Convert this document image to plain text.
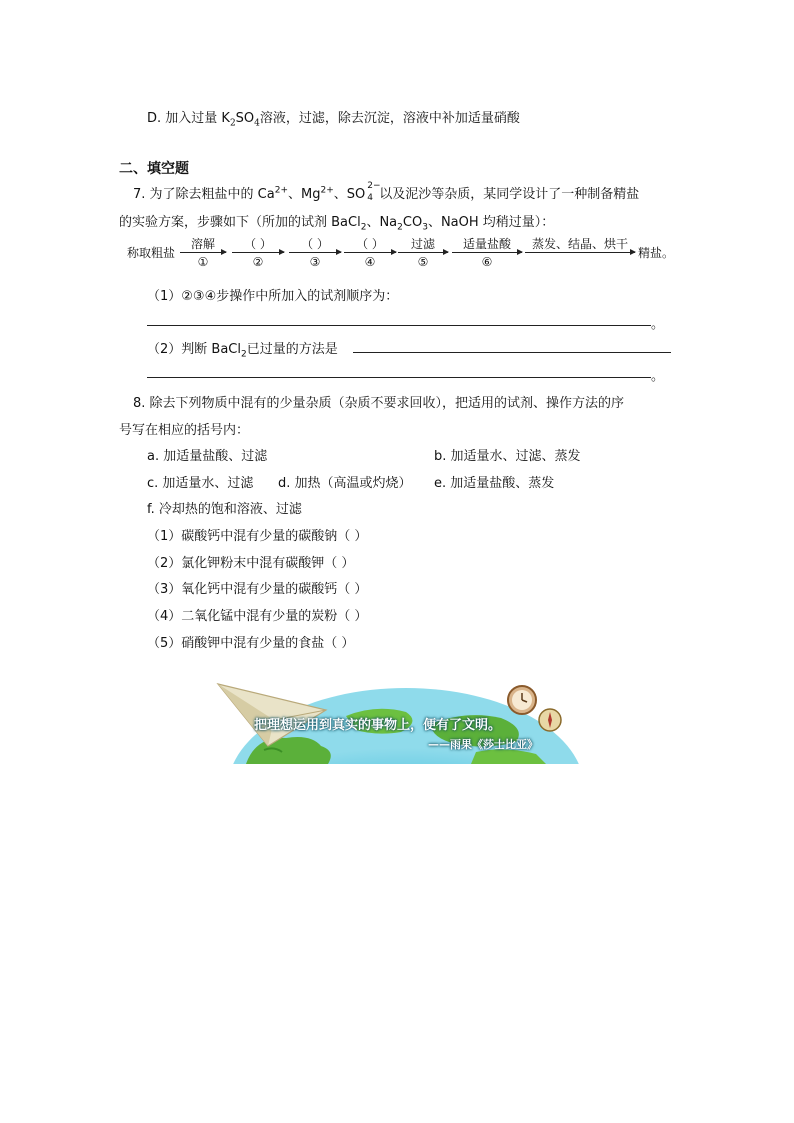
D. 加入过量 $K_2SO_4$溶液，过滤，除去沉淀，溶液中补加适量硝酸
二、填空题
7. 为了除去粗盐中的 $Ca^{2+}$、$Mg^{2+}$、SO
2−
4 以及泥沙等杂质，某同学设计了一种制备精盐
的实验方案，步骤如下（所加的试剂 BaCl$_2$、$Na_2CO_3$、NaOH 均稍过量）：
称取粗盐
溶解
①
（ ）
②
（ ）
③
（ ）
④
过滤
⑤
适量盐酸
⑥
蒸发、结晶、烘干
精盐。
（1）②③④步操作中所加入的试剂顺序为：
。
（2）判断 BaCl$_2$已过量的方法是
。
8. 除去下列物质中混有的少量杂质（杂质不要求回收），把适用的试剂、操作方法的序
号写在相应的括号内：
a. 加适量盐酸、过滤	b. 加适量水、过滤、蒸发
c. 加适量水、过滤 d. 加热（高温或灼烧） e. 加适量盐酸、蒸发
f. 冷却热的饱和溶液、过滤
（1）碳酸钙中混有少量的碳酸钠（ ）
（2）氯化钾粉末中混有碳酸钾（ ）
（3）氧化钙中混有少量的碳酸钙（ ）
（4）二氧化锰中混有少量的炭粉（ ）
（5）硝酸钾中混有少量的食盐（ ）
把理想运用到真实的事物上，便有了文明。
——雨果《莎士比亚》
